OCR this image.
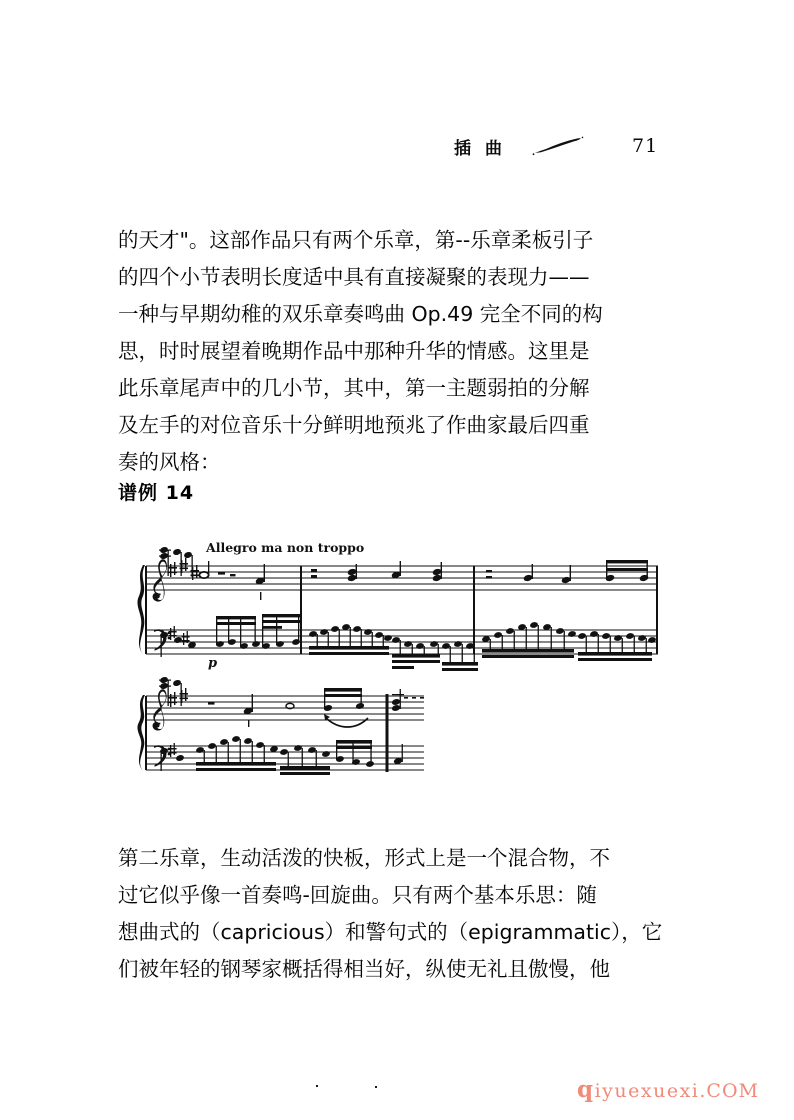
插曲	71
的天才"。这部作品只有两个乐章，第--乐章柔板引子
的四个小节表明长度适中具有直接凝聚的表现力——
一种与早期幼稚的双乐章奏鸣曲 Op.49 完全不同的构
思，时时展望着晚期作品中那种升华的情感。这里是
此乐章尾声中的几小节，其中，第一主题弱拍的分解
及左手的对位音乐十分鲜明地预兆了作曲家最后四重
奏的风格：
谱例 14
Allegro ma non troppo
p
第二乐章，生动活泼的快板，形式上是一个混合物，不
过它似乎像一首奏鸣-回旋曲。只有两个基本乐思：随
想曲式的（capricious）和警句式的（epigrammatic），它
们被年轻的钢琴家概括得相当好，纵使无礼且傲慢，他
qiyuexuexi.COM
